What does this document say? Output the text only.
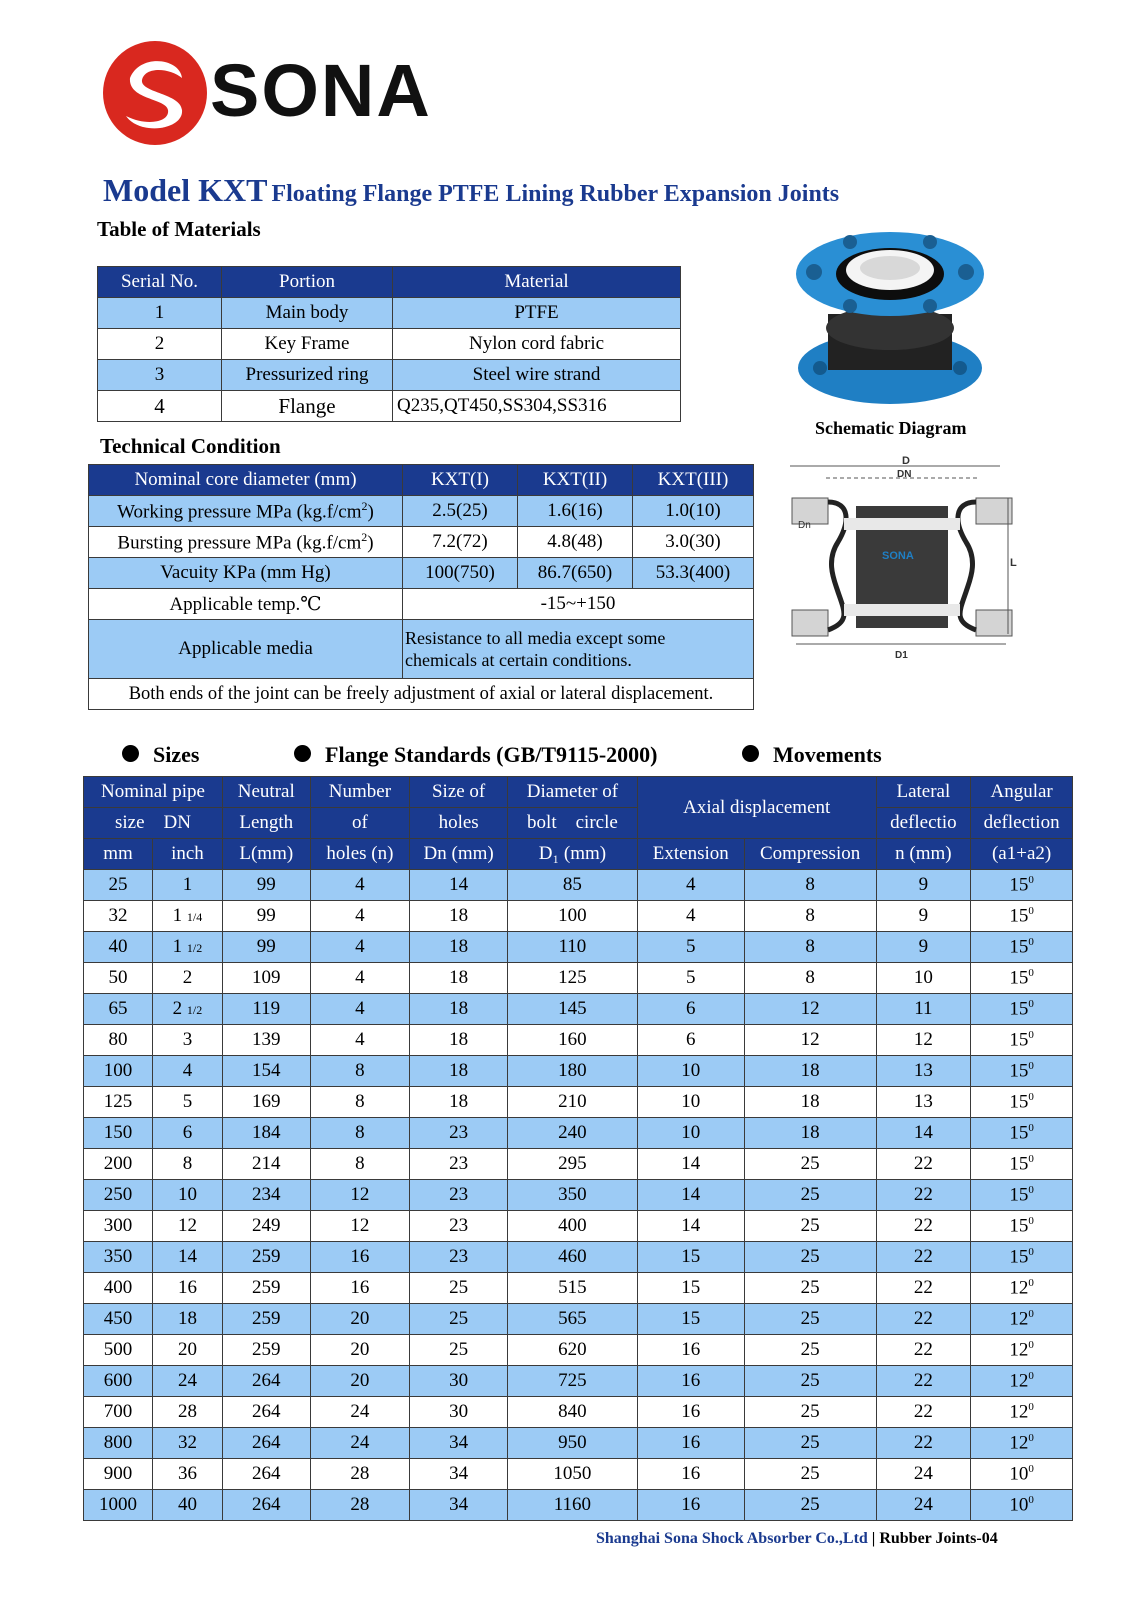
SONA
Model KXT Floating Flange PTFE Lining Rubber Expansion Joints
Table of Materials
Serial No.	Portion	Material
1	Main body	PTFE
2	Key Frame	Nylon cord fabric
3	Pressurized ring	Steel wire strand
4	Flange	Q235,QT450,SS304,SS316
Schematic Diagram
Technical Condition
Nominal core diameter (mm)	KXT(I)	KXT(II)	KXT(III)
Working pressure MPa $(kg.f/cm^2)$	2.5(25)	1.6(16)	1.0(10)
Bursting pressure MPa $(kg.f/cm^2)$	7.2(72)	4.8(48)	3.0(30)
Vacuity KPa (mm Hg)	100(750)	86.7(650)	53.3(400)
Applicable temp.℃	-15~+150		
Applicable media	Resistance to all media except some chemicals at certain conditions.		
Both ends of the joint can be freely adjustment of axial or lateral displacement.			
D
DN
SONA
Dn
L
D1
Sizes	Flange Standards (GB/T9115-2000)	Movements
Nominal pipe		Neutral	Number	Size of	Diameter of	Axial displacement		Lateral	Angular
size    DN		Length	of	holes	bolt    circle			deflectio	deflection
mm	inch	L(mm)	holes (n)	Dn (mm)	D₁ (mm)	Extension	Compression	n (mm)	(a1+a2)
25	1	99	4	14	85	4	8	9	$15^0$
32	1 1/4	99	4	18	100	4	8	9	$15^0$
40	1 1/2	99	4	18	110	5	8	9	$15^0$
50	2	109	4	18	125	5	8	10	$15^0$
65	2 1/2	119	4	18	145	6	12	11	$15^0$
80	3	139	4	18	160	6	12	12	$15^0$
100	4	154	8	18	180	10	18	13	$15^0$
125	5	169	8	18	210	10	18	13	$15^0$
150	6	184	8	23	240	10	18	14	$15^0$
200	8	214	8	23	295	14	25	22	$15^0$
250	10	234	12	23	350	14	25	22	$15^0$
300	12	249	12	23	400	14	25	22	$15^0$
350	14	259	16	23	460	15	25	22	$15^0$
400	16	259	16	25	515	15	25	22	$12^0$
450	18	259	20	25	565	15	25	22	$12^0$
500	20	259	20	25	620	16	25	22	$12^0$
600	24	264	20	30	725	16	25	22	$12^0$
700	28	264	24	30	840	16	25	22	$12^0$
800	32	264	24	34	950	16	25	22	$12^0$
900	36	264	28	34	1050	16	25	24	$10^0$
1000	40	264	28	34	1160	16	25	24	$10^0$
Shanghai Sona Shock Absorber Co.,Ltd | Rubber Joints-04
